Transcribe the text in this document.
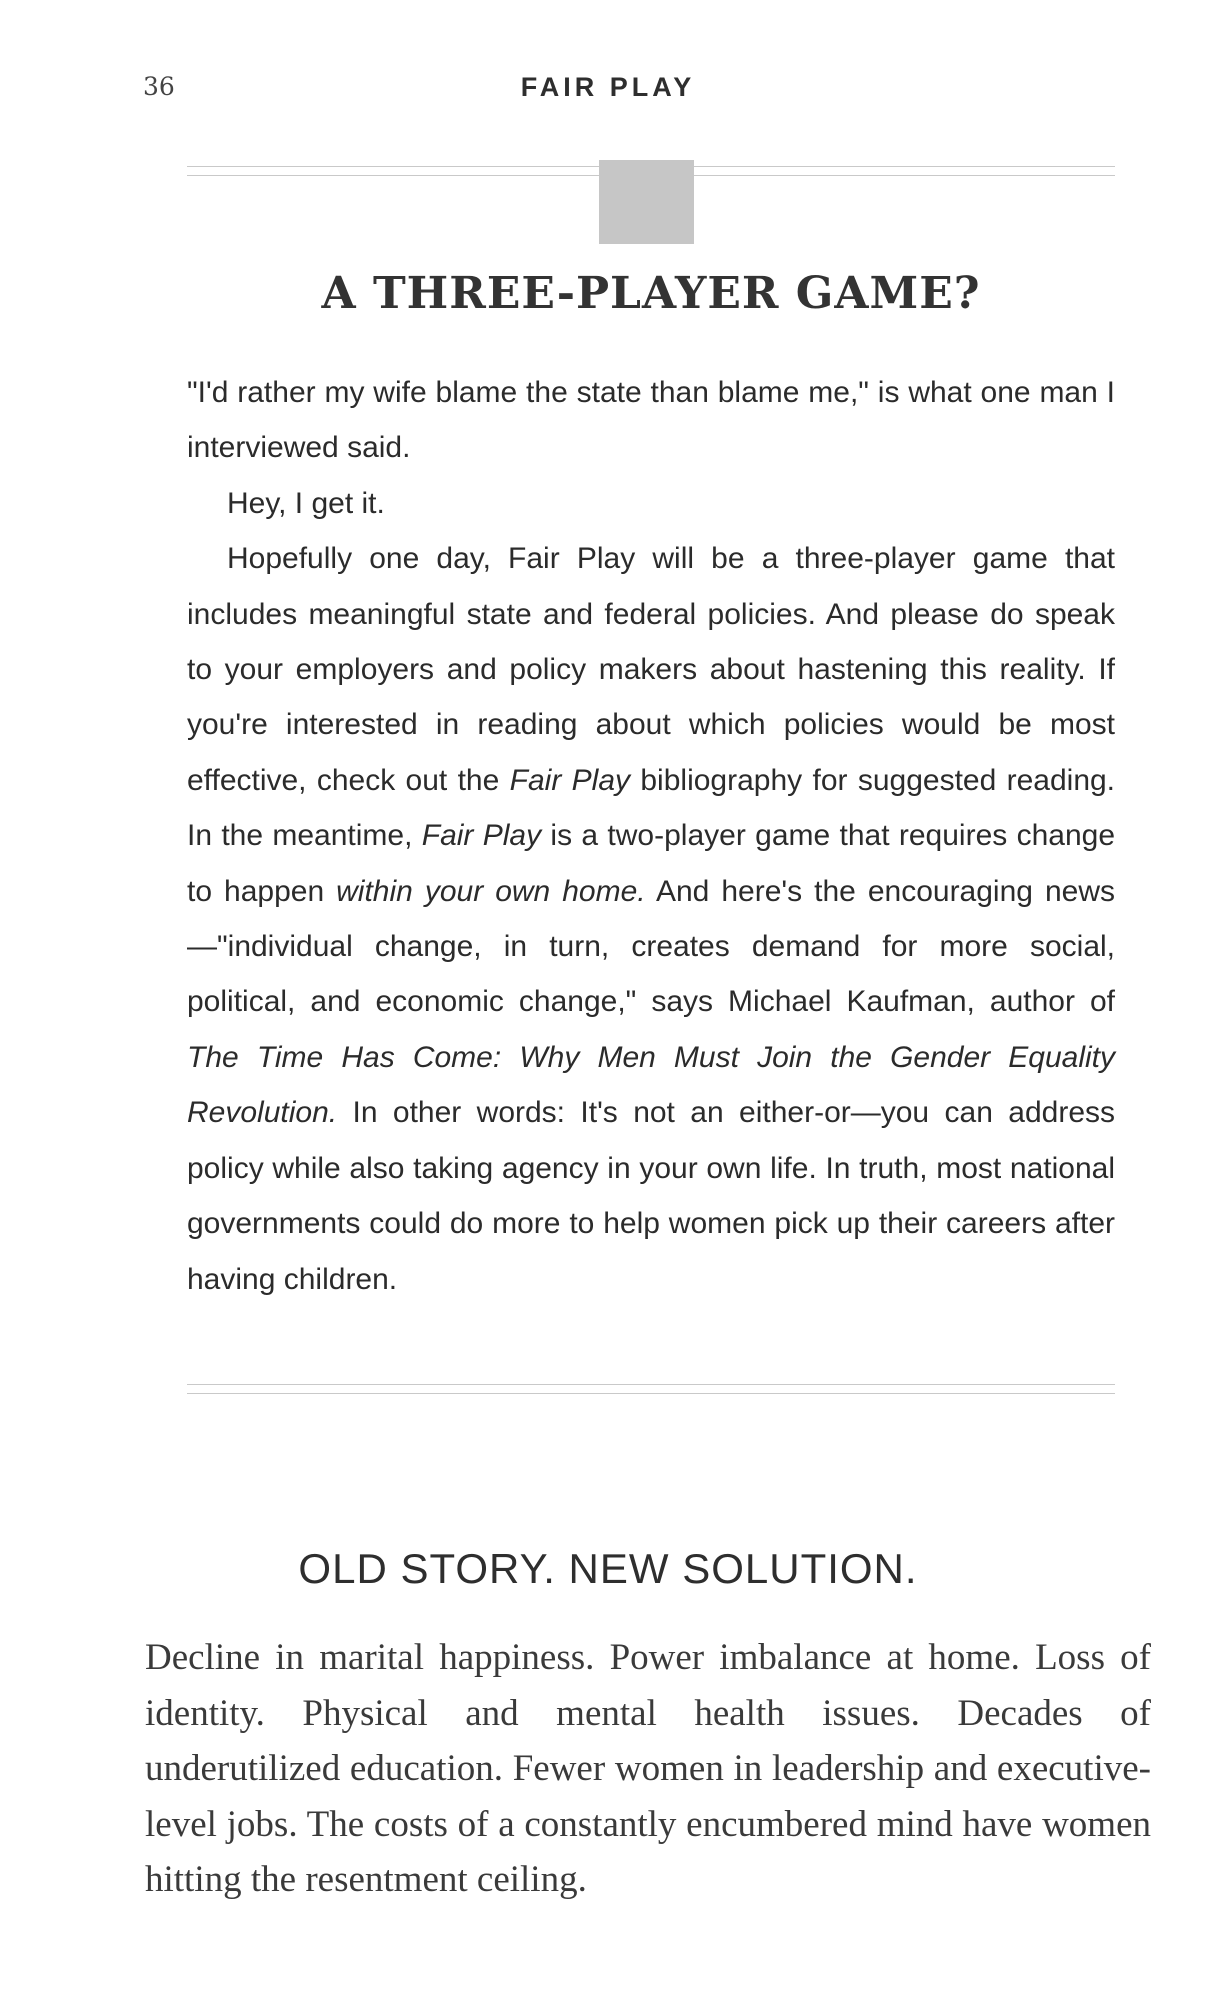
36	FAIR PLAY
A THREE-PLAYER GAME?

"I'd rather my wife blame the state than blame me," is what one man I interviewed said.

Hey, I get it.

Hopefully one day, Fair Play will be a three-player game that includes meaningful state and federal policies. And please do speak to your employers and policy makers about hastening this reality. If you're interested in reading about which policies would be most effective, check out the Fair Play bibliography for suggested reading. In the meantime, Fair Play is a two-player game that requires change to happen within your own home. And here's the encouraging news—"individual change, in turn, creates demand for more social, political, and economic change," says Michael Kaufman, author of The Time Has Come: Why Men Must Join the Gender Equality Revolution. In other words: It's not an either-or—you can address policy while also taking agency in your own life. In truth, most national governments could do more to help women pick up their careers after having children.

OLD STORY. NEW SOLUTION.

Decline in marital happiness. Power imbalance at home. Loss of identity. Physical and mental health issues. Decades of underutilized education. Fewer women in leadership and executive-level jobs. The costs of a constantly encumbered mind have women hitting the resentment ceiling.
